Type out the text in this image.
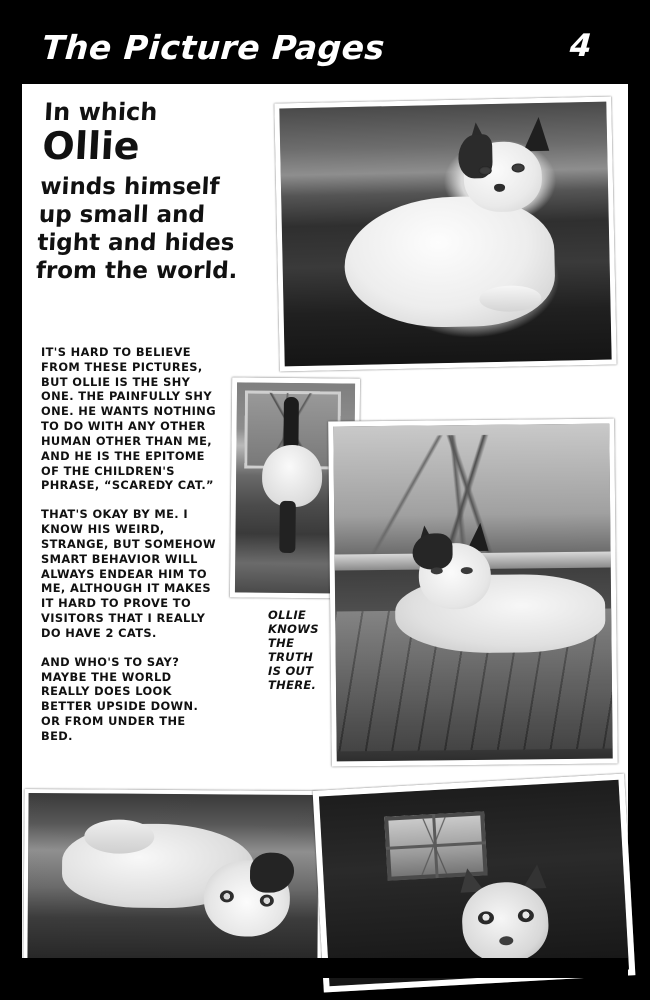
The Picture Pages	4
In which
Ollie
winds himself up small and tight and hides from the world.

IT'S HARD TO BELIEVE FROM THESE PICTURES, BUT OLLIE IS THE SHY ONE. THE PAINFULLY SHY ONE. HE WANTS NOTHING TO DO WITH ANY OTHER HUMAN OTHER THAN ME, AND HE IS THE EPITOME OF THE CHILDREN'S PHRASE, “SCAREDY CAT.”

THAT'S OKAY BY ME. I KNOW HIS WEIRD, STRANGE, BUT SOMEHOW SMART BEHAVIOR WILL ALWAYS ENDEAR HIM TO ME, ALTHOUGH IT MAKES IT HARD TO PROVE TO VISITORS THAT I REALLY DO HAVE 2 CATS.

AND WHO'S TO SAY? MAYBE THE WORLD REALLY DOES LOOK BETTER UPSIDE DOWN. OR FROM UNDER THE BED.

OLLIE KNOWS THE TRUTH IS OUT THERE.
